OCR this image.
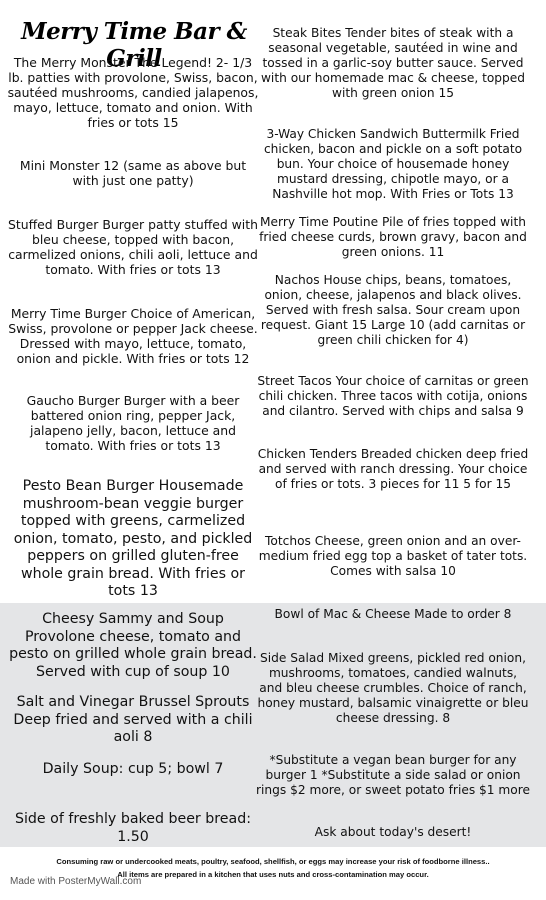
Merry Time Bar & Grill
The Merry Monster The Legend! 2- 1/3 lb. patties with provolone, Swiss, bacon, sautéed mushrooms, candied jalapenos, mayo, lettuce, tomato and onion. With fries or tots 15
Mini Monster 12 (same as above but with just one patty)
Stuffed Burger Burger patty stuffed with bleu cheese, topped with bacon, carmelized onions, chili aoli, lettuce and tomato. With fries or tots 13
Merry Time Burger Choice of American, Swiss, provolone or pepper Jack cheese. Dressed with mayo, lettuce, tomato, onion and pickle. With fries or tots 12
Gaucho Burger Burger with a beer battered onion ring, pepper Jack, jalapeno jelly, bacon, lettuce and tomato. With fries or tots 13
Pesto Bean Burger Housemade mushroom-bean veggie burger topped with greens, carmelized onion, tomato, pesto, and pickled peppers on grilled gluten-free whole grain bread. With fries or tots 13
Steak Bites Tender bites of steak with a seasonal vegetable, sautéed in wine and tossed in a garlic-soy butter sauce. Served with our homemade mac & cheese, topped with green onion 15
3-Way Chicken Sandwich Buttermilk Fried chicken, bacon and pickle on a soft potato bun. Your choice of housemade honey mustard dressing, chipotle mayo, or a Nashville hot mop. With Fries or Tots 13
Merry Time Poutine Pile of fries topped with fried cheese curds, brown gravy, bacon and green onions. 11
Nachos House chips, beans, tomatoes, onion, cheese, jalapenos and black olives. Served with fresh salsa. Sour cream upon request. Giant 15 Large 10 (add carnitas or green chili chicken for 4)
Street Tacos Your choice of carnitas or green chili chicken. Three tacos with cotija, onions and cilantro. Served with chips and salsa 9
Chicken Tenders Breaded chicken deep fried and served with ranch dressing. Your choice of fries or tots. 3 pieces for 11 5 for 15
Totchos Cheese, green onion and an over-medium fried egg top a basket of tater tots. Comes with salsa 10
Cheesy Sammy and Soup Provolone cheese, tomato and pesto on grilled whole grain bread. Served with cup of soup 10
Salt and Vinegar Brussel Sprouts Deep fried and served with a chili aoli 8
Daily Soup: cup 5; bowl 7
Side of freshly baked beer bread: 1.50
Bowl of Mac & Cheese Made to order 8
Side Salad Mixed greens, pickled red onion, mushrooms, tomatoes, candied walnuts, and bleu cheese crumbles. Choice of ranch, honey mustard, balsamic vinaigrette or bleu cheese dressing. 8
*Substitute a vegan bean burger for any burger 1 *Substitute a side salad or onion rings $2 more, or sweet potato fries $1 more
Ask about today's desert!
Consuming raw or undercooked meats, poultry, seafood, shellfish, or eggs may increase your risk of foodborne illness..
All items are prepared in a kitchen that uses nuts and cross-contamination may occur.
Made with PosterMyWall.com
